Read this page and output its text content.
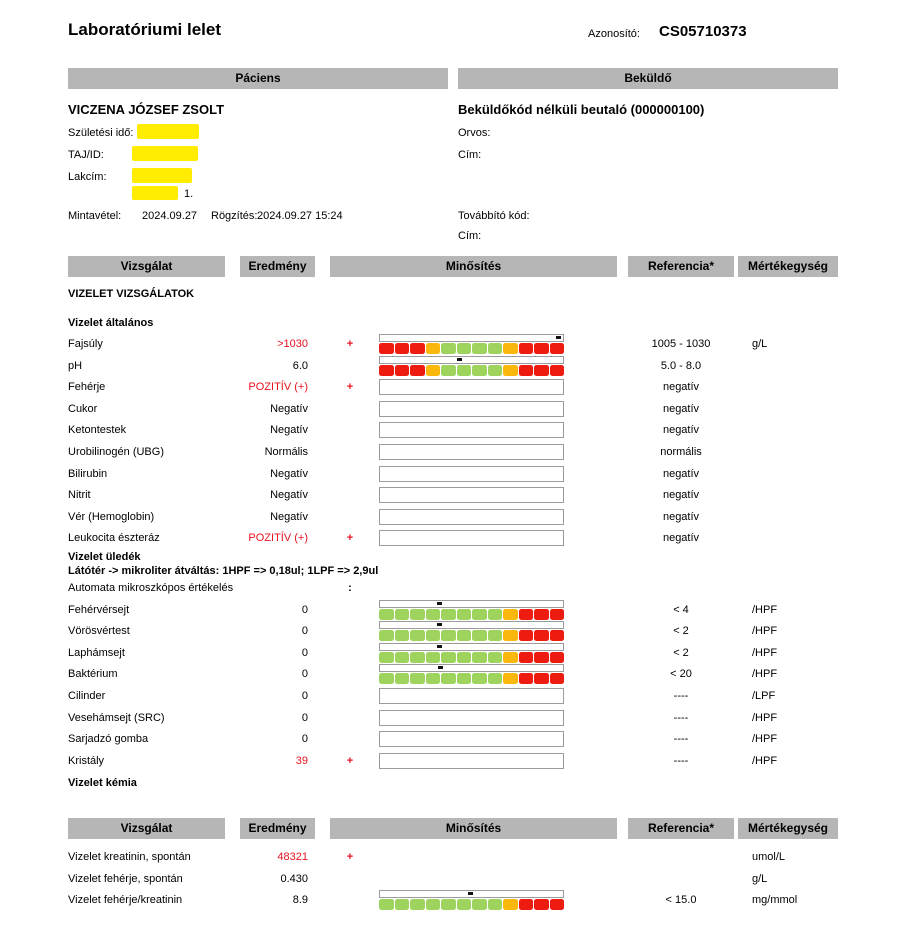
Laboratóriumi lelet	Azonosító: CS05710373
Páciens	Beküldő
VICZENA JÓZSEF ZSOLT
Születési idő:
TAJ/ID:
Lakcím:
1.
Mintavétel: 2024.09.27 Rögzítés: 2024.09.27 15:24
Beküldőkód nélküli beutaló (000000100)
Orvos:
Cím:
Továbbító kód:
Cím:
Vizsgálat	Eredmény	Minősítés	Referencia*	Mértékegység
VIZELET VIZSGÁLATOK
Vizelet általános
Fajsúly	>1030	+	1005 - 1030	g/L
pH	6.0	5.0 - 8.0
Fehérje	POZITÍV (+)	+	negatív
Cukor	Negatív	negatív
Ketontestek	Negatív	negatív
Urobilinogén (UBG)	Normális	normális
Bilirubin	Negatív	negatív
Nitrit	Negatív	negatív
Vér (Hemoglobin)	Negatív	negatív
Leukocita észteráz	POZITÍV (+)	+	negatív
Vizelet üledék
Látótér -> mikroliter átváltás: 1HPF => 0,18ul; 1LPF => 2,9ul
Automata mikroszkópos értékelés	:
Fehérvérsejt	0	< 4	/HPF
Vörösvértest	0	< 2	/HPF
Laphámsejt	0	< 2	/HPF
Baktérium	0	< 20	/HPF
Cilinder	0	----	/LPF
Vesehámsejt (SRC)	0	----	/HPF
Sarjadzó gomba	0	----	/HPF
Kristály	39	+	----	/HPF
Vizelet kémia
Vizsgálat	Eredmény	Minősítés	Referencia*	Mértékegység
Vizelet kreatinin, spontán	48321	+	umol/L
Vizelet fehérje, spontán	0.430	g/L
Vizelet fehérje/kreatinin	8.9	< 15.0	mg/mmol
